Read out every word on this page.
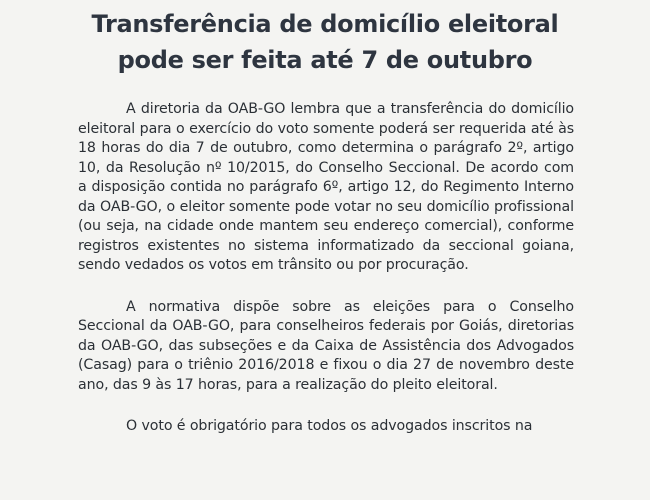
Transferência de domicílio eleitoral
pode ser feita até 7 de outubro

A diretoria da OAB-GO lembra que a transferência do domicílio eleitoral para o exercício do voto somente poderá ser requerida até às 18 horas do dia 7 de outubro, como determina o parágrafo 2º, artigo 10, da Resolução nº 10/2015, do Conselho Seccional. De acordo com a disposição contida no parágrafo 6º, artigo 12, do Regimento Interno da OAB-GO, o eleitor somente pode votar no seu domicílio profissional (ou seja, na cidade onde mantem seu endereço comercial), conforme registros existentes no sistema informatizado da seccional goiana, sendo vedados os votos em trânsito ou por procuração.

A normativa dispõe sobre as eleições para o Conselho Seccional da OAB-GO, para conselheiros federais por Goiás, diretorias da OAB-GO, das subseções e da Caixa de Assistência dos Advogados (Casag) para o triênio 2016/2018 e fixou o dia 27 de novembro deste ano, das 9 às 17 horas, para a realização do pleito eleitoral.

O voto é obrigatório para todos os advogados inscritos na
